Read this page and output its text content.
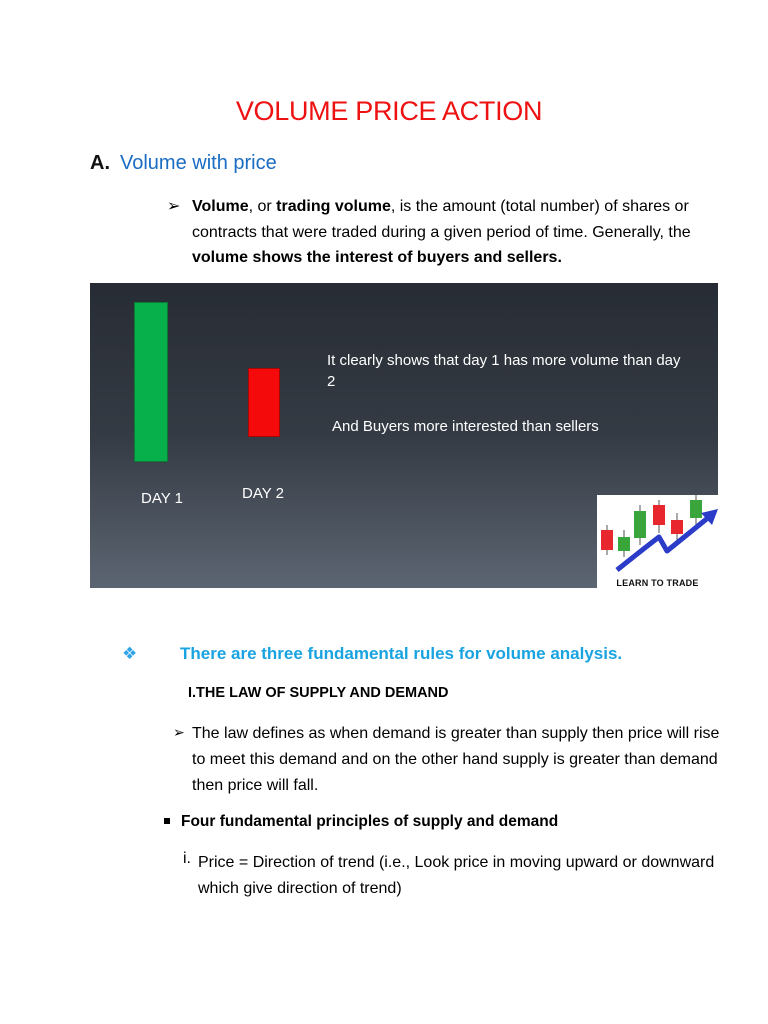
VOLUME PRICE ACTION
A. Volume with price
➢ Volume, or trading volume, is the amount (total number) of shares or contracts that were traded during a given period of time. Generally, the volume shows the interest of buyers and sellers.
DAY 1	DAY 2
It clearly shows that day 1 has more volume than day 2
And Buyers more interested than sellers
LEARN TO TRADE
❖	There are three fundamental rules for volume analysis.
I.THE LAW OF SUPPLY AND DEMAND
➢ The law defines as when demand is greater than supply then price will rise to meet this demand and on the other hand supply is greater than demand then price will fall.
Four fundamental principles of supply and demand
i. Price = Direction of trend (i.e., Look price in moving upward or downward which give direction of trend)
